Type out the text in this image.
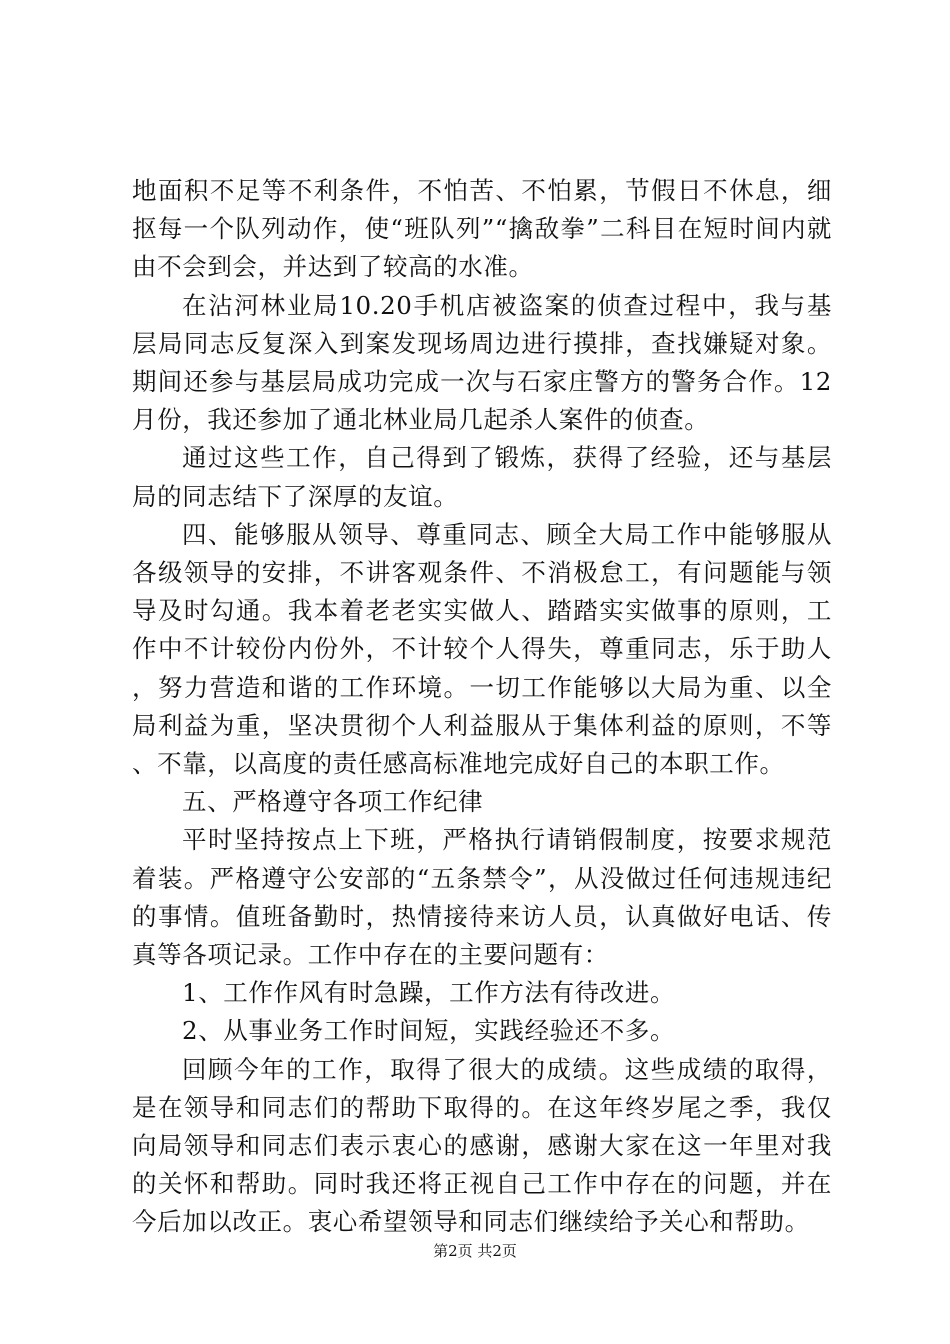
地面积不足等不利条件，不怕苦、不怕累，节假日不休息，细抠每一个队列动作，使“班队列”“擒敌拳”二科目在短时间内就由不会到会，并达到了较高的水准。

在沾河林业局10.20手机店被盗案的侦查过程中，我与基层局同志反复深入到案发现场周边进行摸排，查找嫌疑对象。期间还参与基层局成功完成一次与石家庄警方的警务合作。12月份，我还参加了通北林业局几起杀人案件的侦查。

通过这些工作，自己得到了锻炼，获得了经验，还与基层局的同志结下了深厚的友谊。

四、能够服从领导、尊重同志、顾全大局工作中能够服从各级领导的安排，不讲客观条件、不消极怠工，有问题能与领导及时勾通。我本着老老实实做人、踏踏实实做事的原则，工作中不计较份内份外，不计较个人得失，尊重同志，乐于助人，努力营造和谐的工作环境。一切工作能够以大局为重、以全局利益为重，坚决贯彻个人利益服从于集体利益的原则，不等、不靠，以高度的责任感高标准地完成好自己的本职工作。

五、严格遵守各项工作纪律

平时坚持按点上下班，严格执行请销假制度，按要求规范着装。严格遵守公安部的“五条禁令”，从没做过任何违规违纪的事情。值班备勤时，热情接待来访人员，认真做好电话、传真等各项记录。工作中存在的主要问题有：

1、工作作风有时急躁，工作方法有待改进。

2、从事业务工作时间短，实践经验还不多。

回顾今年的工作，取得了很大的成绩。这些成绩的取得，是在领导和同志们的帮助下取得的。在这年终岁尾之季，我仅向局领导和同志们表示衷心的感谢，感谢大家在这一年里对我的关怀和帮助。同时我还将正视自己工作中存在的问题，并在今后加以改正。衷心希望领导和同志们继续给予关心和帮助。

第2页 共2页
